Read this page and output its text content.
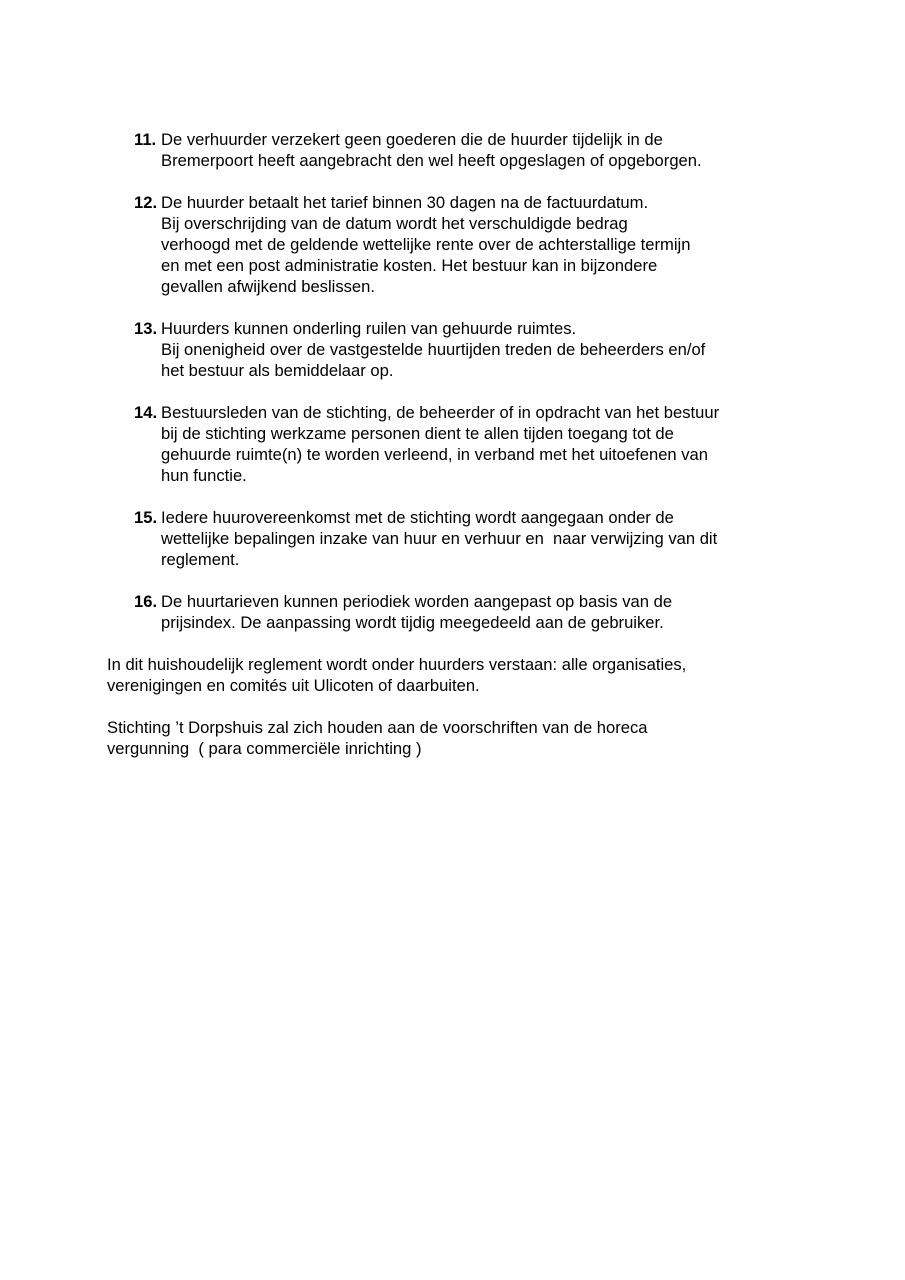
11. De verhuurder verzekert geen goederen die de huurder tijdelijk in de
Bremerpoort heeft aangebracht den wel heeft opgeslagen of opgeborgen.
12. De huurder betaalt het tarief binnen 30 dagen na de factuurdatum.
Bij overschrijding van de datum wordt het verschuldigde bedrag
verhoogd met de geldende wettelijke rente over de achterstallige termijn
en met een post administratie kosten. Het bestuur kan in bijzondere
gevallen afwijkend beslissen.
13. Huurders kunnen onderling ruilen van gehuurde ruimtes.
Bij onenigheid over de vastgestelde huurtijden treden de beheerders en/of
het bestuur als bemiddelaar op.
14. Bestuursleden van de stichting, de beheerder of in opdracht van het bestuur
bij de stichting werkzame personen dient te allen tijden toegang tot de
gehuurde ruimte(n) te worden verleend, in verband met het uitoefenen van
hun functie.
15. Iedere huurovereenkomst met de stichting wordt aangegaan onder de
wettelijke bepalingen inzake van huur en verhuur en  naar verwijzing van dit
reglement.
16. De huurtarieven kunnen periodiek worden aangepast op basis van de
prijsindex. De aanpassing wordt tijdig meegedeeld aan de gebruiker.
In dit huishoudelijk reglement wordt onder huurders verstaan: alle organisaties,
verenigingen en comités uit Ulicoten of daarbuiten.
Stichting ’t Dorpshuis zal zich houden aan de voorschriften van de horeca
vergunning  ( para commerciële inrichting )
